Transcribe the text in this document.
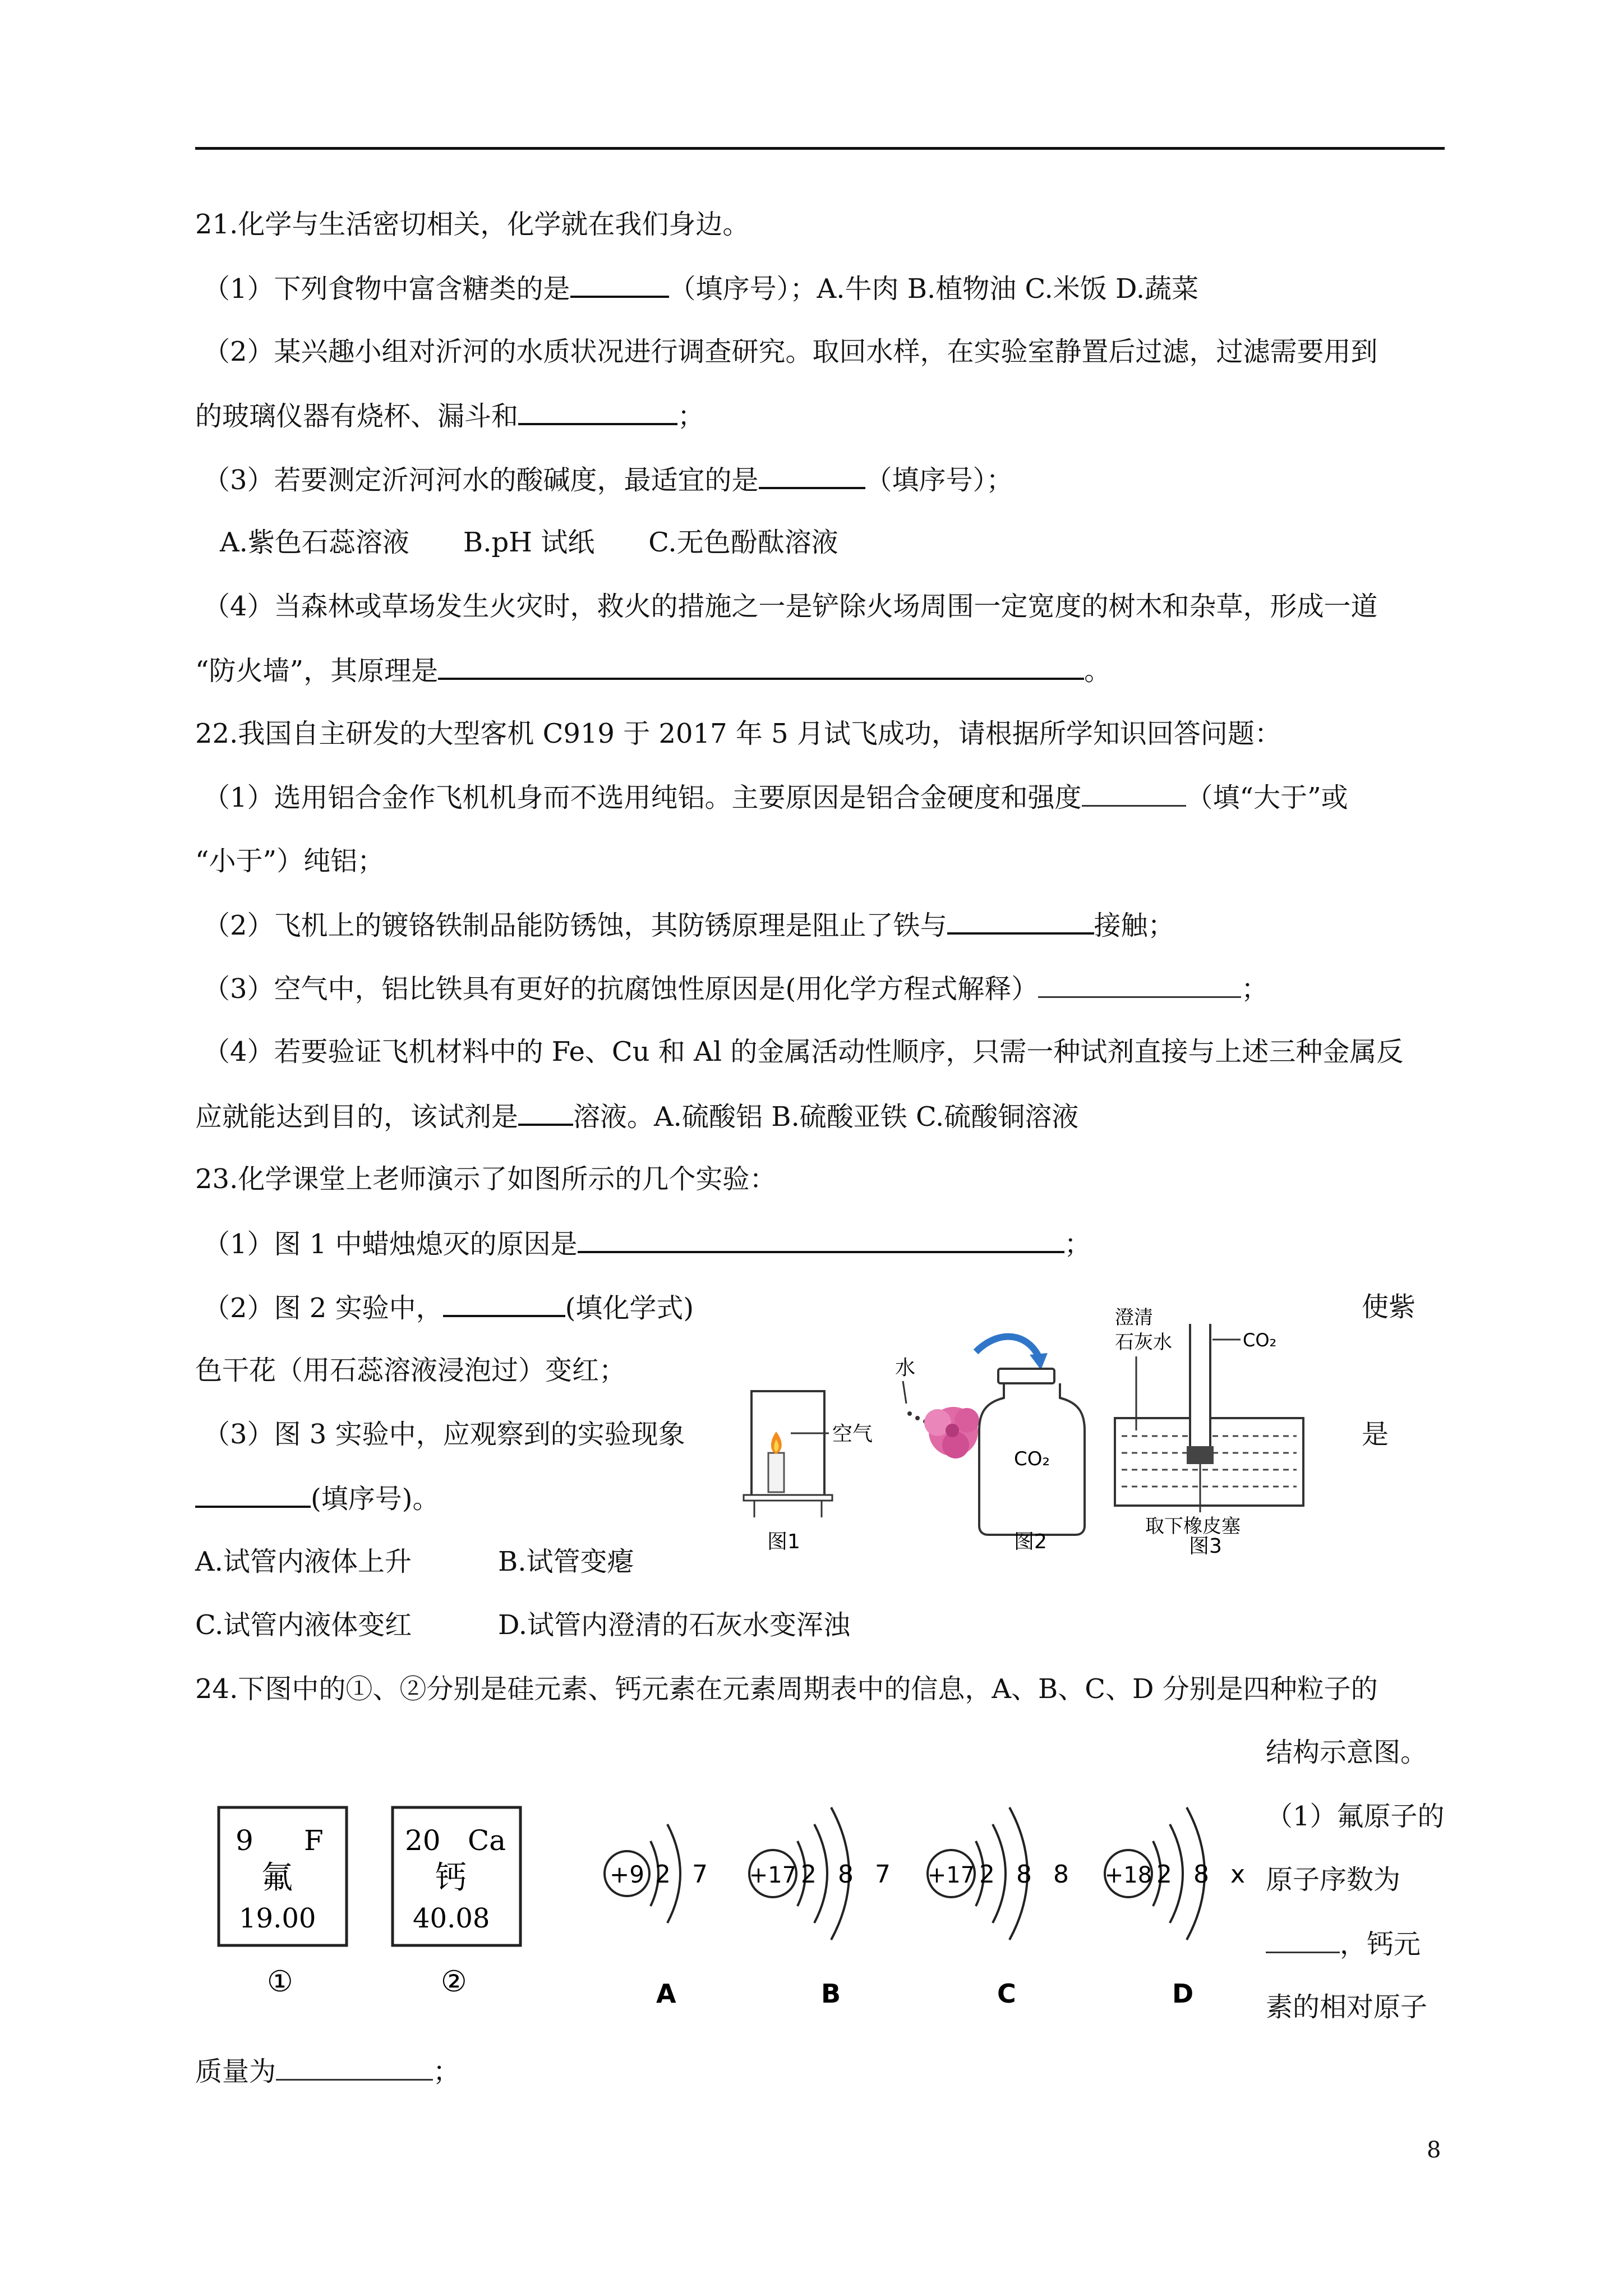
21.化学与生活密切相关，化学就在我们身边。
（1）下列食物中富含糖类的是	（填序号）；A.牛肉 B.植物油 C.米饭 D.蔬菜
（2）某兴趣小组对沂河的水质状况进行调查研究。取回水样，在实验室静置后过滤，过滤需要用到
的玻璃仪器有烧杯、漏斗和	；
（3）若要测定沂河河水的酸碱度，最适宜的是	（填序号）；
A.紫色石蕊溶液　　B.pH 试纸　　C.无色酚酞溶液
（4）当森林或草场发生火灾时，救火的措施之一是铲除火场周围一定宽度的树木和杂草，形成一道
“防火墙”，其原理是	。
22.我国自主研发的大型客机 C919 于 2017 年 5 月试飞成功，请根据所学知识回答问题：
（1）选用铝合金作飞机机身而不选用纯铝。主要原因是铝合金硬度和强度	（填“大于”或
“小于”）纯铝；
（2）飞机上的镀铬铁制品能防锈蚀，其防锈原理是阻止了铁与	接触；
（3）空气中，铝比铁具有更好的抗腐蚀性原因是(用化学方程式解释）	；
（4）若要验证飞机材料中的 Fe、Cu 和 Al 的金属活动性顺序，只需一种试剂直接与上述三种金属反
应就能达到目的，该试剂是 溶液。A.硫酸铝 B.硫酸亚铁 C.硫酸铜溶液
23.化学课堂上老师演示了如图所示的几个实验：
（1）图 1 中蜡烛熄灭的原因是	；
（2）图 2 实验中，	(填化学式)	使紫
色干花（用石蕊溶液浸泡过）变红；
（3）图 3 实验中，应观察到的实验现象	是
(填序号)。
A.试管内液体上升	B.试管变瘪
C.试管内液体变红	D.试管内澄清的石灰水变浑浊
空气
图1
水
CO₂
图2
澄清
石灰水	CO₂
取下橡皮塞
图3
24.下图中的①、②分别是硅元素、钙元素在元素周期表中的信息，A、B、C、D 分别是四种粒子的
结构示意图。
（1）氟原子的
原子序数为
，钙元
素的相对原子
质量为	；
9 F
氟
19.00
①
20 Ca
钙
40.08
②
+9 2 7
A
+17 2 8 7
B
+17 2 8 8
C
+18 2 8 x
D
8
